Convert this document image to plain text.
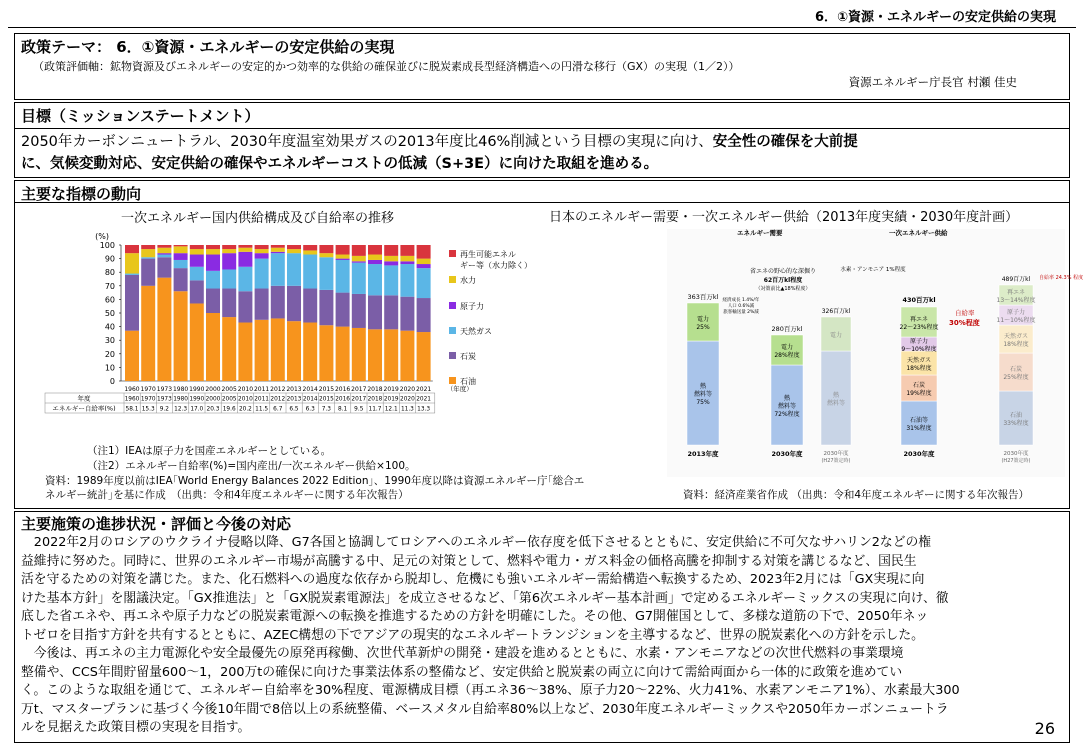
6．①資源・エネルギーの安定供給の実現
政策テーマ： 6．①資源・エネルギーの安定供給の実現
（政策評価軸：鉱物資源及びエネルギーの安定的かつ効率的な供給の確保並びに脱炭素成長型経済構造への円滑な移行（GX）の実現（1／2））
資源エネルギー庁長官 村瀬 佳史
目標（ミッションステートメント）
2050年カーボンニュートラル、2030年度温室効果ガスの2013年度比46%削減という目標の実現に向け、安全性の確保を大前提
に、気候変動対応、安定供給の確保やエネルギーコストの低減（S+3E）に向けた取組を進める。
主要な指標の動向
一次エネルギー国内供給構成及び自給率の推移
(%)
0
10
20
30
40
50
60
70
80
90
100
1960 1970 1973 1980 1990 2000 2005 2010 2011 2012 2013 2014 2015 2016 2017 2018 2019 2020 2021 （年度）
再生可能エネル
ギー等（水力除く）
水力
原子力
天然ガス
石炭
石油
年度
エネルギー自給率(%)
1960
58.1
1970
15.3
1973
9.2
1980
12.3
1990
17.0
2000
20.3
2005
19.6
2010
20.2
2011
11.5
2012
6.7
2013
6.5
2014
6.3
2015
7.3
2016
8.1
2017
9.5
2018
11.7
2019
12.1
2020
11.3
2021
13.3
（注1）IEAは原子力を国産エネルギーとしている。
（注2）エネルギー自給率(%)=国内産出/一次エネルギー供給×100。
資料：1989年度以前はIEA｢World Energy Balances 2022 Edition｣、1990年度以降は資源エネルギー庁｢総合エ
ネルギー統計｣を基に作成　（出典：令和4年度エネルギーに関する年次報告）
日本のエネルギー需要・一次エネルギー供給（2013年度実績・2030年度計画）
エネルギー需要	一次エネルギー供給
熱
燃料等
75%
電力
25%
363百万kl
2013年度
熱
燃料等
72%程度
電力
28%程度
280百万kl
2030年度
省エネの野心的な深掘り
62百万kl程度
（対策前比▲18%程度）
経済成長 1.4%/年
人口 0.6%減
旅客輸送量 2%減
熱
燃料等
電力
326百万kl
2030年度
(H27策定時)
石油等
31%程度
石炭
19%程度
天然ガス
18%程度
原子力
9～10%程度
再エネ
22～23%程度
430百万kl
2030年度
水素・アンモニア 1%程度
自給率
30%程度
石油
33%程度
石炭
25%程度
天然ガス
18%程度
原子力
11～10%程度
再エネ
13～14%程度
489百万kl
2030年度
(H27策定時)
自給率 24.3% 程度
資料：経済産業省作成 （出典：令和4年度エネルギーに関する年次報告）
主要施策の進捗状況・評価と今後の対応
　2022年2月のロシアのウクライナ侵略以降、G7各国と協調してロシアへのエネルギー依存度を低下させるとともに、安定供給に不可欠なサハリン2などの権
益維持に努めた。同時に、世界のエネルギー市場が高騰する中、足元の対策として、燃料や電力・ガス料金の価格高騰を抑制する対策を講じるなど、国民生
活を守るための対策を講じた。また、化石燃料への過度な依存から脱却し、危機にも強いエネルギー需給構造へ転換するため、2023年2月には「GX実現に向
けた基本方針」を閣議決定。「GX推進法」と「GX脱炭素電源法」を成立させるなど、「第6次エネルギー基本計画」で定めるエネルギーミックスの実現に向け、徹
底した省エネや、再エネや原子力などの脱炭素電源への転換を推進するための方針を明確にした。その他、G7開催国として、多様な道筋の下で、2050年ネッ
トゼロを目指す方針を共有するとともに、AZEC構想の下でアジアの現実的なエネルギートランジションを主導するなど、世界の脱炭素化への方針を示した。
　今後は、再エネの主力電源化や安全最優先の原発再稼働、次世代革新炉の開発・建設を進めるとともに、水素・アンモニアなどの次世代燃料の事業環境
整備や、CCS年間貯留量600～1，200万tの確保に向けた事業法体系の整備など、安定供給と脱炭素の両立に向けて需給両面から一体的に政策を進めてい
く。このような取組を通じて、エネルギー自給率を30%程度、電源構成目標（再エネ36～38%、原子力20～22%、火力41%、水素アンモニア1%）、水素最大300
万t、マスタープランに基づく今後10年間で8倍以上の系統整備、ベースメタル自給率80%以上など、2030年度エネルギーミックスや2050年カーボンニュートラ
ルを見据えた政策目標の実現を目指す。	26
